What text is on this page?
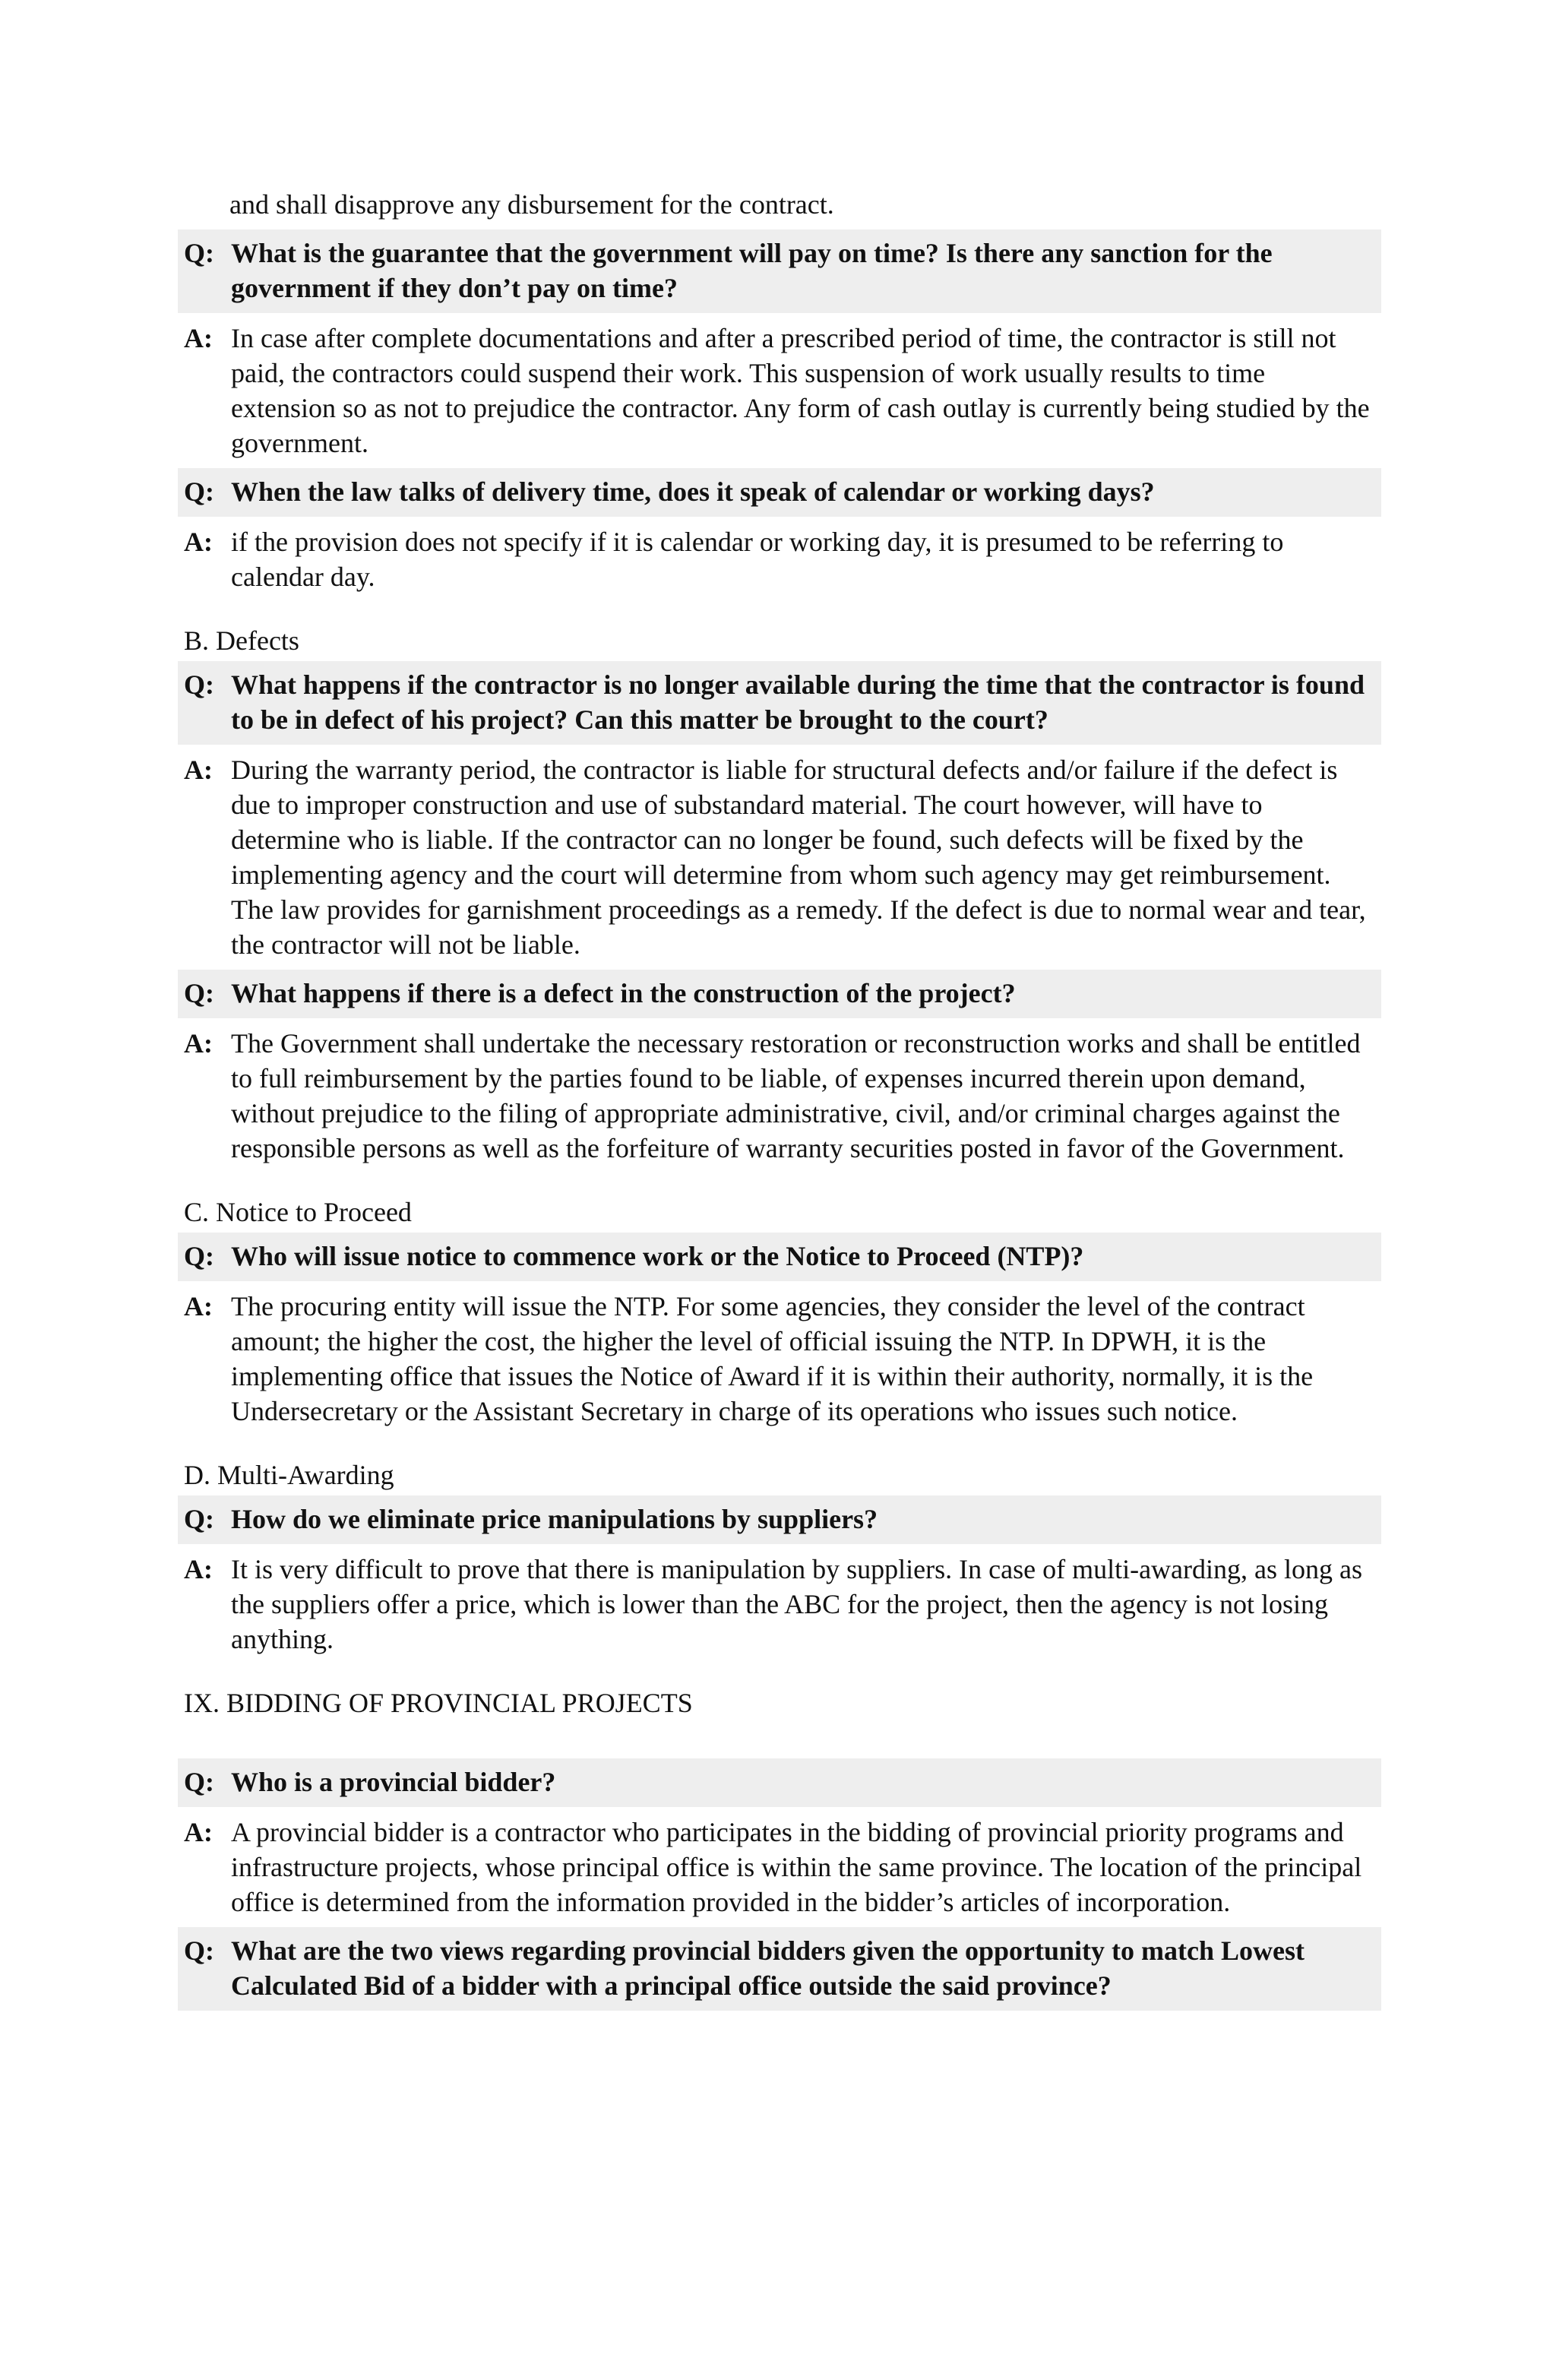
and shall disapprove any disbursement for the contract.
Q: What is the guarantee that the government will pay on time? Is there any sanction for the government if they don’t pay on time?
A: In case after complete documentations and after a prescribed period of time, the contractor is still not paid, the contractors could suspend their work. This suspension of work usually results to time extension so as not to prejudice the contractor. Any form of cash outlay is currently being studied by the government.
Q: When the law talks of delivery time, does it speak of calendar or working days?
A: if the provision does not specify if it is calendar or working day, it is presumed to be referring to calendar day.
B. Defects
Q: What happens if the contractor is no longer available during the time that the contractor is found to be in defect of his project? Can this matter be brought to the court?
A: During the warranty period, the contractor is liable for structural defects and/or failure if the defect is due to improper construction and use of substandard material. The court however, will have to determine who is liable. If the contractor can no longer be found, such defects will be fixed by the implementing agency and the court will determine from whom such agency may get reimbursement. The law provides for garnishment proceedings as a remedy. If the defect is due to normal wear and tear, the contractor will not be liable.
Q: What happens if there is a defect in the construction of the project?
A: The Government shall undertake the necessary restoration or reconstruction works and shall be entitled to full reimbursement by the parties found to be liable, of expenses incurred therein upon demand, without prejudice to the filing of appropriate administrative, civil, and/or criminal charges against the responsible persons as well as the forfeiture of warranty securities posted in favor of the Government.
C. Notice to Proceed
Q: Who will issue notice to commence work or the Notice to Proceed (NTP)?
A: The procuring entity will issue the NTP. For some agencies, they consider the level of the contract amount; the higher the cost, the higher the level of official issuing the NTP. In DPWH, it is the implementing office that issues the Notice of Award if it is within their authority, normally, it is the Undersecretary or the Assistant Secretary in charge of its operations who issues such notice.
D. Multi-Awarding
Q: How do we eliminate price manipulations by suppliers?
A: It is very difficult to prove that there is manipulation by suppliers. In case of multi-awarding, as long as the suppliers offer a price, which is lower than the ABC for the project, then the agency is not losing anything.
IX. BIDDING OF PROVINCIAL PROJECTS
Q: Who is a provincial bidder?
A: A provincial bidder is a contractor who participates in the bidding of provincial priority programs and infrastructure projects, whose principal office is within the same province. The location of the principal office is determined from the information provided in the bidder’s articles of incorporation.
Q: What are the two views regarding provincial bidders given the opportunity to match Lowest Calculated Bid of a bidder with a principal office outside the said province?
